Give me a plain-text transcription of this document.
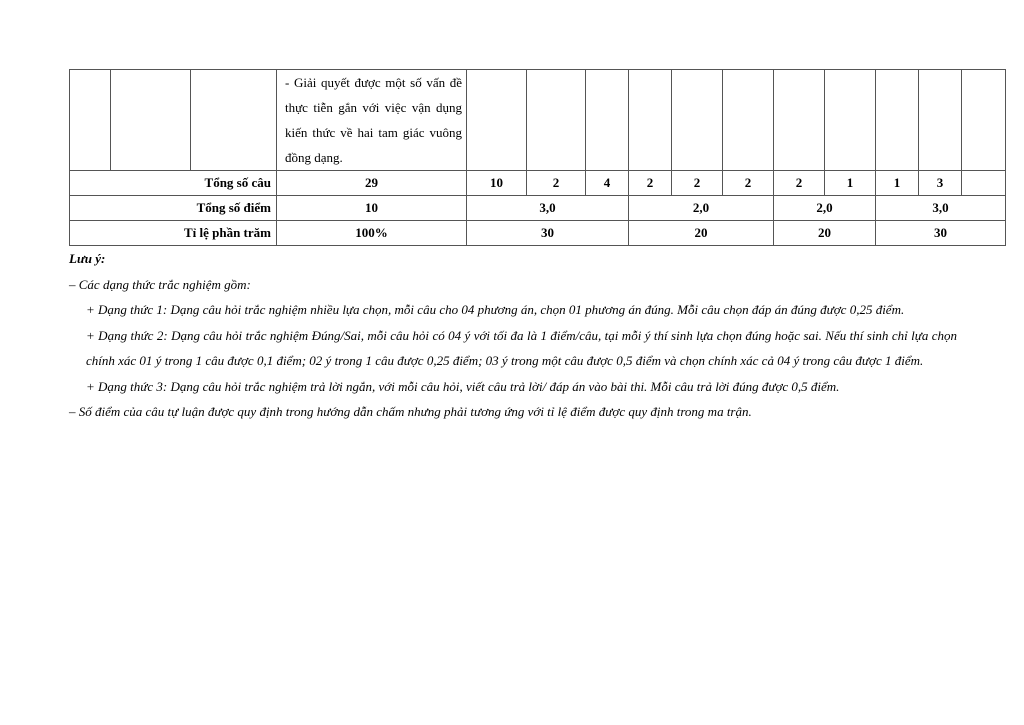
			- Giải quyết được một số vấn đề thực tiễn gắn với việc vận dụng kiến thức về hai tam giác vuông đồng dạng.												
Tổng số câu			29	10	2	4	2	2	2	2	1	1	3		
Tổng số điểm			10	3,0			2,0			2,0		3,0			
Tỉ lệ phần trăm			100%	30			20			20		30			

Lưu ý:

– Các dạng thức trắc nghiệm gồm:

+ Dạng thức 1: Dạng câu hỏi trắc nghiệm nhiều lựa chọn, mỗi câu cho 04 phương án, chọn 01 phương án đúng. Mỗi câu chọn đáp án đúng được 0,25 điểm.

+ Dạng thức 2: Dạng câu hỏi trắc nghiệm Đúng/Sai, mỗi câu hỏi có 04 ý với tối đa là 1 điểm/câu, tại mỗi ý thí sinh lựa chọn đúng hoặc sai. Nếu thí sinh chỉ lựa chọn chính xác 01 ý trong 1 câu được 0,1 điểm; 02 ý trong 1 câu được 0,25 điểm; 03 ý trong một câu được 0,5 điểm và chọn chính xác cả 04 ý trong câu được 1 điểm.

+ Dạng thức 3: Dạng câu hỏi trắc nghiệm trả lời ngắn, với mỗi câu hỏi, viết câu trả lời/ đáp án vào bài thi. Mỗi câu trả lời đúng được 0,5 điểm.

– Số điểm của câu tự luận được quy định trong hướng dẫn chấm nhưng phải tương ứng với tỉ lệ điểm được quy định trong ma trận.
